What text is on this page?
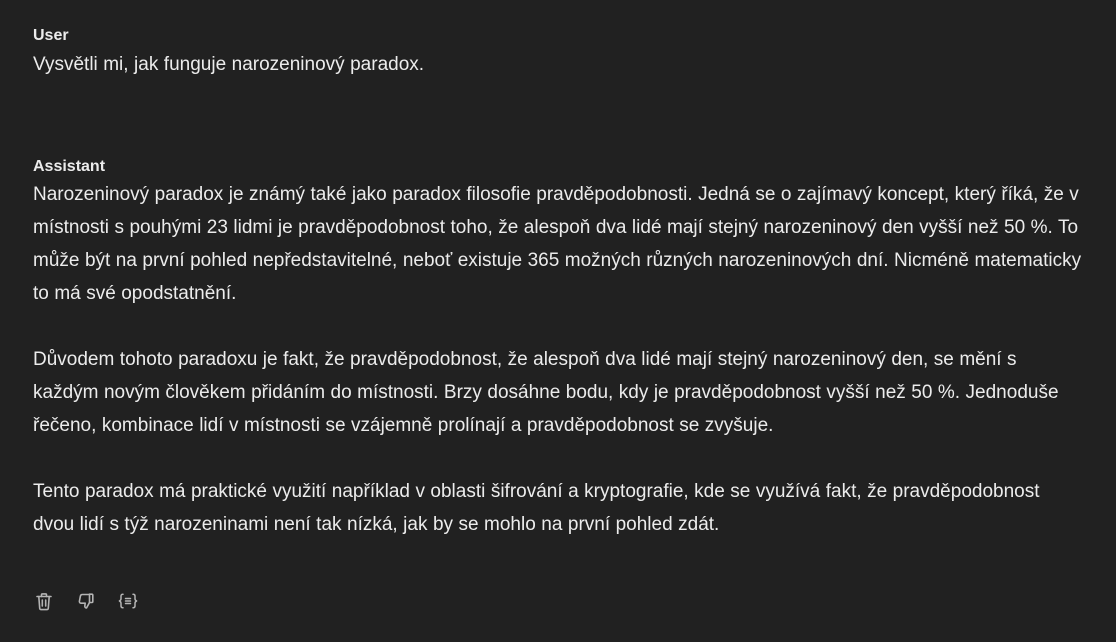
User

Vysvětli mi, jak funguje narozeninový paradox.

Assistant

Narozeninový paradox je známý také jako paradox filosofie pravděpodobnosti. Jedná se o zajímavý koncept, který říká, že v místnosti s pouhými 23 lidmi je pravděpodobnost toho, že alespoň dva lidé mají stejný narozeninový den vyšší než 50 %. To může být na první pohled nepředstavitelné, neboť existuje 365 možných různých narozeninových dní. Nicméně matematicky to má své opodstatnění.

Důvodem tohoto paradoxu je fakt, že pravděpodobnost, že alespoň dva lidé mají stejný narozeninový den, se mění s každým novým člověkem přidáním do místnosti. Brzy dosáhne bodu, kdy je pravděpodobnost vyšší než 50 %. Jednoduše řečeno, kombinace lidí v místnosti se vzájemně prolínají a pravděpodobnost se zvyšuje.

Tento paradox má praktické využití například v oblasti šifrování a kryptografie, kde se využívá fakt, že pravděpodobnost dvou lidí s týž narozeninami není tak nízká, jak by se mohlo na první pohled zdát.
